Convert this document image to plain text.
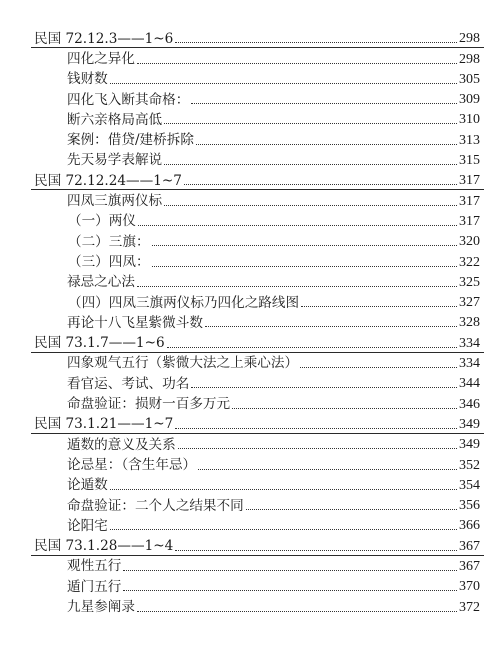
民国 72.12.3——1~6	298
四化之异化	298
钱财数	305
四化飞入断其命格：	309
断六亲格局高低	310
案例：借贷/建桥拆除	313
先天易学表解说	315
民国 72.12.24——1~7	317
四凤三旗两仪标	317
（一）两仪	317
（二）三旗：	320
（三）四凤：	322
禄忌之心法	325
（四）四凤三旗两仪标乃四化之路线图	327
再论十八飞星紫微斗数	328
民国 73.1.7——1~6	334
四象观气五行（紫微大法之上乘心法）	334
看官运、考试、功名	344
命盘验证：损财一百多万元	346
民国 73.1.21——1~7	349
遁数的意义及关系	349
论忌星：（含生年忌）	352
论遁数	354
命盘验证：二个人之结果不同	356
论阳宅	366
民国 73.1.28——1~4	367
观性五行	367
遁门五行	370
九星参阐录	372
